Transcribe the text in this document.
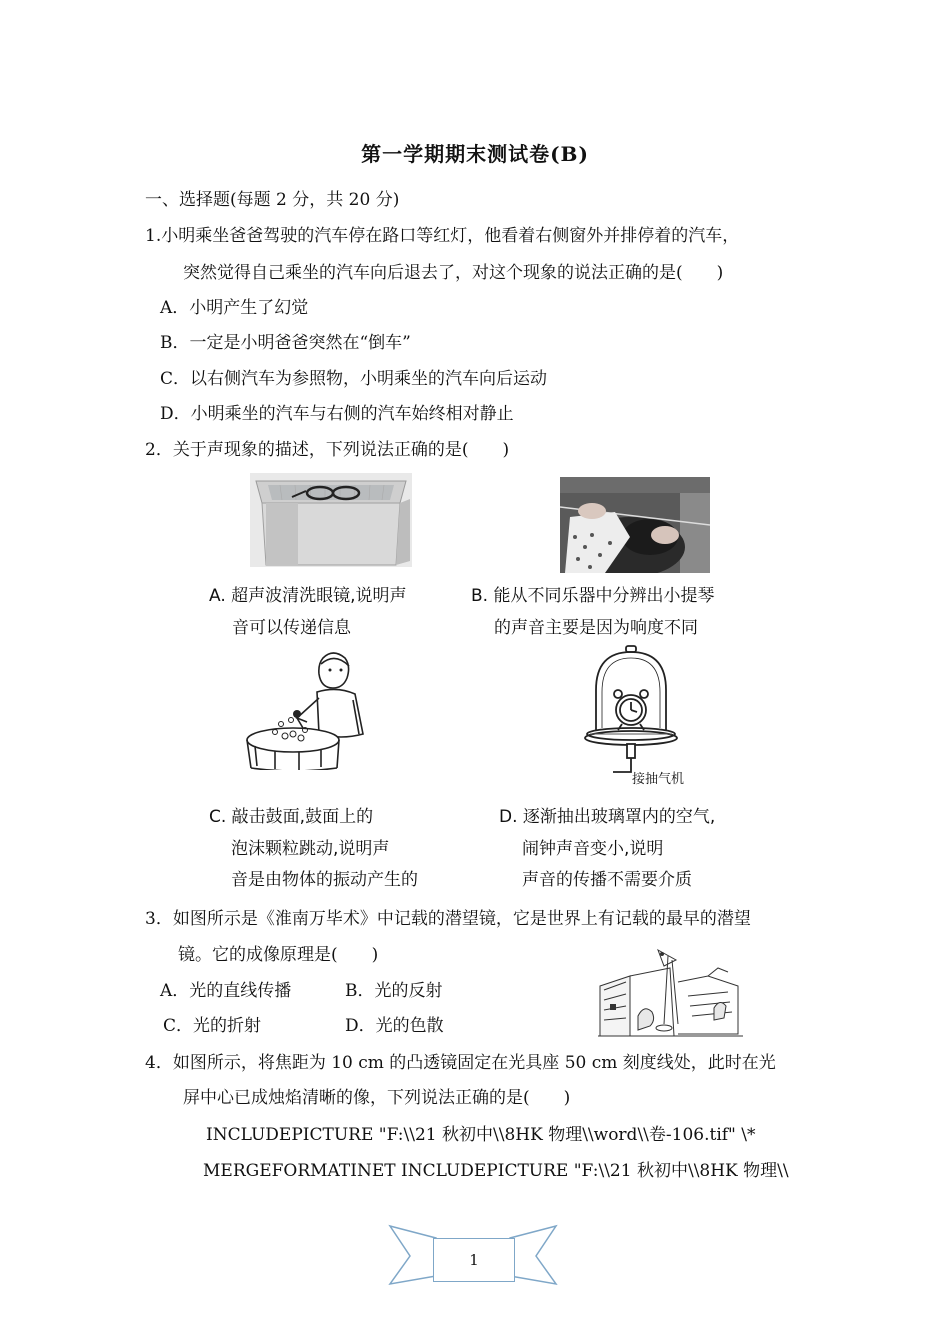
第一学期期末测试卷(B)
一、选择题(每题 2 分，共 20 分)
1.小明乘坐爸爸驾驶的汽车停在路口等红灯，他看着右侧窗外并排停着的汽车，
突然觉得自己乘坐的汽车向后退去了，对这个现象的说法正确的是(　　)
A．小明产生了幻觉
B．一定是小明爸爸突然在“倒车”
C．以右侧汽车为参照物，小明乘坐的汽车向后运动
D．小明乘坐的汽车与右侧的汽车始终相对静止
2．关于声现象的描述，下列说法正确的是(　　)
A. 超声波清洗眼镜,说明声
音可以传递信息
B. 能从不同乐器中分辨出小提琴
的声音主要是因为响度不同
接抽气机
C. 敲击鼓面,鼓面上的
泡沫颗粒跳动,说明声
音是由物体的振动产生的
D. 逐渐抽出玻璃罩内的空气,
闹钟声音变小,说明
声音的传播不需要介质
3．如图所示是《淮南万毕术》中记载的潜望镜，它是世界上有记载的最早的潜望
镜。它的成像原理是(　　)
A．光的直线传播	B．光的反射
C．光的折射	D．光的色散
4．如图所示，将焦距为 10 cm 的凸透镜固定在光具座 50 cm 刻度线处，此时在光
屏中心已成烛焰清晰的像，下列说法正确的是(　　)
INCLUDEPICTURE "F:\\21 秋初中\\8HK 物理\\word\\卷-106.tif" \*
MERGEFORMATINET INCLUDEPICTURE "F:\\21 秋初中\\8HK 物理\\
1
